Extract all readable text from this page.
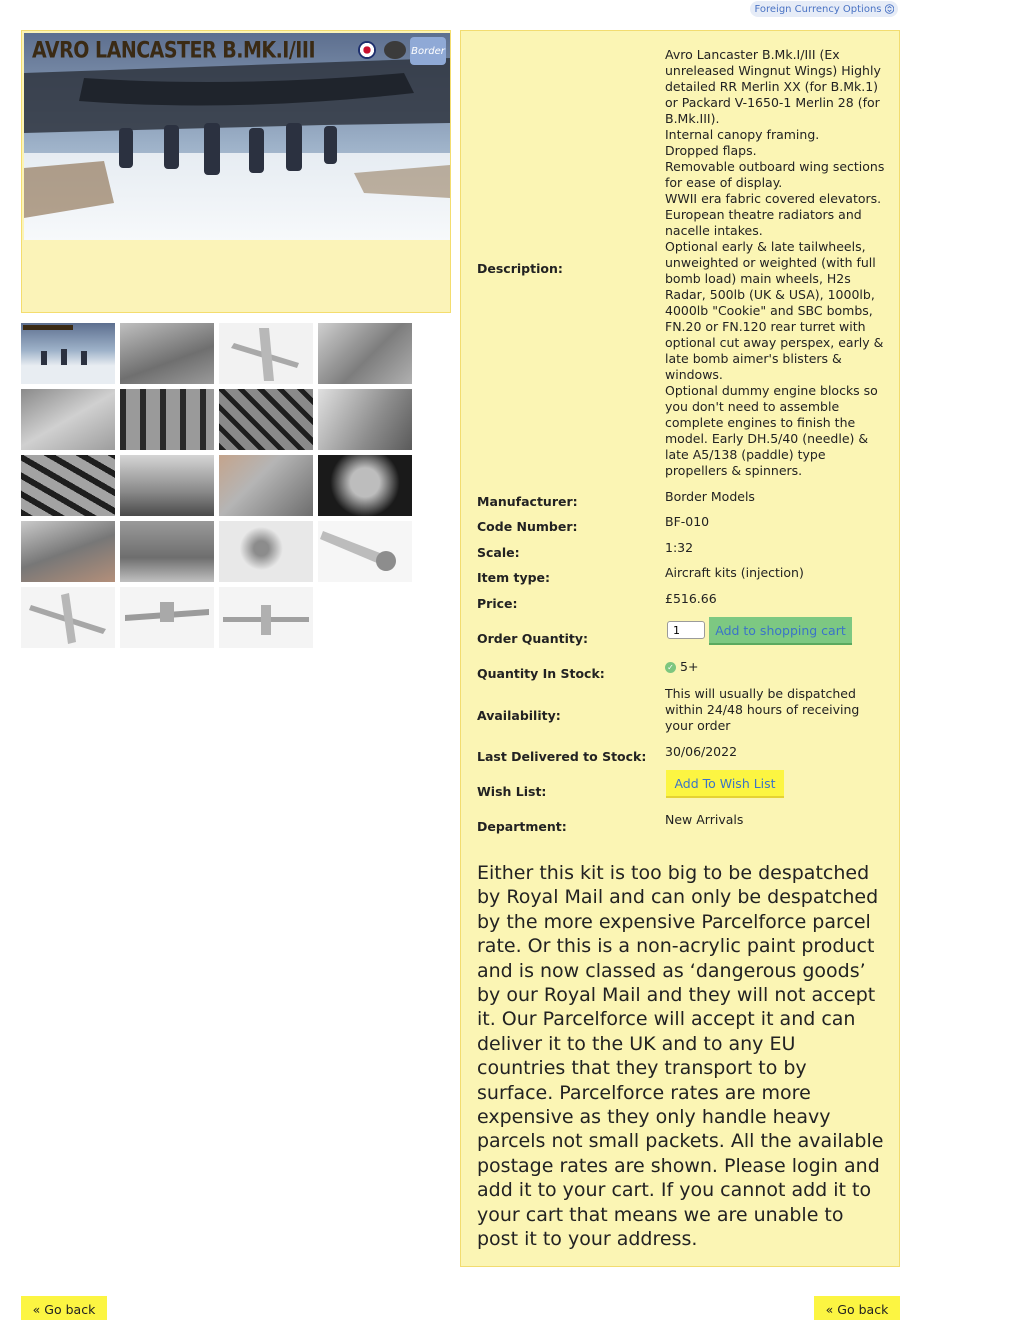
Foreign Currency Options
AVRO LANCASTER B.MK.I/III	Border
Description:
Avro Lancaster B.Mk.I/III (Ex
unreleased Wingnut Wings) Highly
detailed RR Merlin XX (for B.Mk.1)
or Packard V-1650-1 Merlin 28 (for
B.Mk.III).
Internal canopy framing.
Dropped flaps.
Removable outboard wing sections
for ease of display.
WWII era fabric covered elevators.
European theatre radiators and
nacelle intakes.
Optional early & late tailwheels,
unweighted or weighted (with full
bomb load) main wheels, H2s
Radar, 500lb (UK & USA), 1000lb,
4000lb "Cookie" and SBC bombs,
FN.20 or FN.120 rear turret with
optional cut away perspex, early &
late bomb aimer's blisters &
windows.
Optional dummy engine blocks so
you don't need to assemble
complete engines to finish the
model. Early DH.5/40 (needle) &
late A5/138 (paddle) type
propellers & spinners.
Manufacturer:	Border Models
Code Number:	BF-010
Scale:	1:32
Item type:	Aircraft kits (injection)
Price:	£516.66
Order Quantity:
1
Add to shopping cart
Quantity In Stock:	✓ 5+
Availability:
This will usually be dispatched
within 24/48 hours of receiving
your order
Last Delivered to Stock: 30/06/2022
Wish List:
Add To Wish List
Department:	New Arrivals
Either this kit is too big to be despatched
by Royal Mail and can only be despatched
by the more expensive Parcelforce parcel
rate. Or this is a non-acrylic paint product
and is now classed as ‘dangerous goods’
by our Royal Mail and they will not accept
it. Our Parcelforce will accept it and can
deliver it to the UK and to any EU
countries that they transport to by
surface. Parcelforce rates are more
expensive as they only handle heavy
parcels not small packets. All the available
postage rates are shown. Please login and
add it to your cart. If you cannot add it to
your cart that means we are unable to
post it to your address.
« Go back	« Go back
